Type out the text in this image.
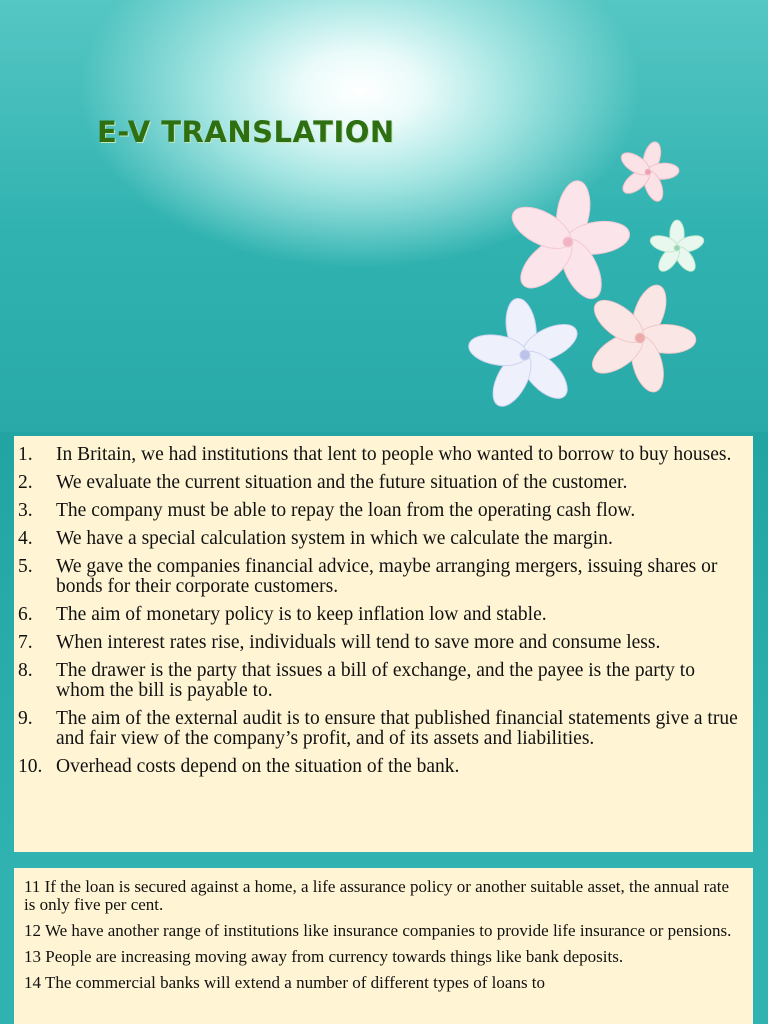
E-V TRANSLATION
1.	In Britain, we had institutions that lent to people who wanted to borrow to buy houses.
2.	We evaluate the current situation and the future situation of the customer.
3.	The company must be able to repay the loan from the operating cash flow.
4.	We have a special calculation system in which we calculate the margin.
5.	We gave the companies financial advice, maybe arranging mergers, issuing shares or bonds for their corporate customers.
6.	The aim of monetary policy is to keep inflation low and stable.
7.	When interest rates rise, individuals will tend to save more and consume less.
8.	The drawer is the party that issues a bill of exchange, and the payee is the party to whom the bill is payable to.
9.	The aim of the external audit is to ensure that published financial statements give a true and fair view of the company’s profit, and of its assets and liabilities.
10. Overhead costs depend on the situation of the bank.
11 If the loan is secured against a home, a life assurance policy or another suitable asset, the annual rate is only five per cent.
12 We have another range of institutions like insurance companies to provide life insurance or pensions.
13 People are increasing moving away from currency towards things like bank deposits.
14 The commercial banks will extend a number of different types of loans to
